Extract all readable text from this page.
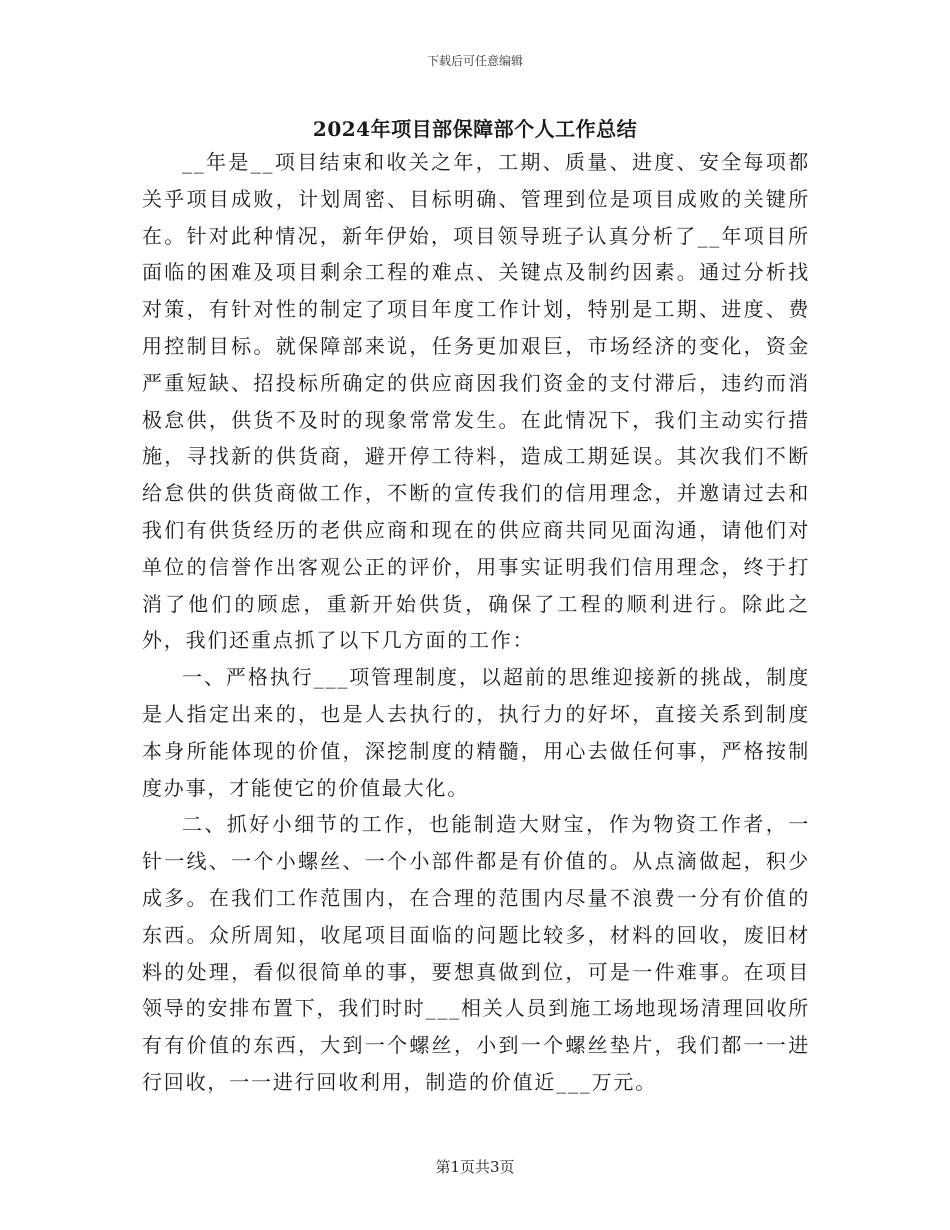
下载后可任意编辑
2024年项目部保障部个人工作总结

__年是__项目结束和收关之年，工期、质量、进度、安全每项都关乎项目成败，计划周密、目标明确、管理到位是项目成败的关键所在。针对此种情况，新年伊始，项目领导班子认真分析了__年项目所面临的困难及项目剩余工程的难点、关键点及制约因素。通过分析找对策，有针对性的制定了项目年度工作计划，特别是工期、进度、费用控制目标。就保障部来说，任务更加艰巨，市场经济的变化，资金严重短缺、招投标所确定的供应商因我们资金的支付滞后，违约而消极怠供，供货不及时的现象常常发生。在此情况下，我们主动实行措施，寻找新的供货商，避开停工待料，造成工期延误。其次我们不断给怠供的供货商做工作，不断的宣传我们的信用理念，并邀请过去和我们有供货经历的老供应商和现在的供应商共同见面沟通，请他们对单位的信誉作出客观公正的评价，用事实证明我们信用理念，终于打消了他们的顾虑，重新开始供货，确保了工程的顺利进行。除此之外，我们还重点抓了以下几方面的工作：

一、严格执行___项管理制度，以超前的思维迎接新的挑战，制度是人指定出来的，也是人去执行的，执行力的好坏，直接关系到制度本身所能体现的价值，深挖制度的精髓，用心去做任何事，严格按制度办事，才能使它的价值最大化。

二、抓好小细节的工作，也能制造大财宝，作为物资工作者，一针一线、一个小螺丝、一个小部件都是有价值的。从点滴做起，积少成多。在我们工作范围内，在合理的范围内尽量不浪费一分有价值的东西。众所周知，收尾项目面临的问题比较多，材料的回收，废旧材料的处理，看似很简单的事，要想真做到位，可是一件难事。在项目领导的安排布置下，我们时时___相关人员到施工场地现场清理回收所有有价值的东西，大到一个螺丝，小到一个螺丝垫片，我们都一一进行回收，一一进行回收利用，制造的价值近___万元。

第1页共3页
